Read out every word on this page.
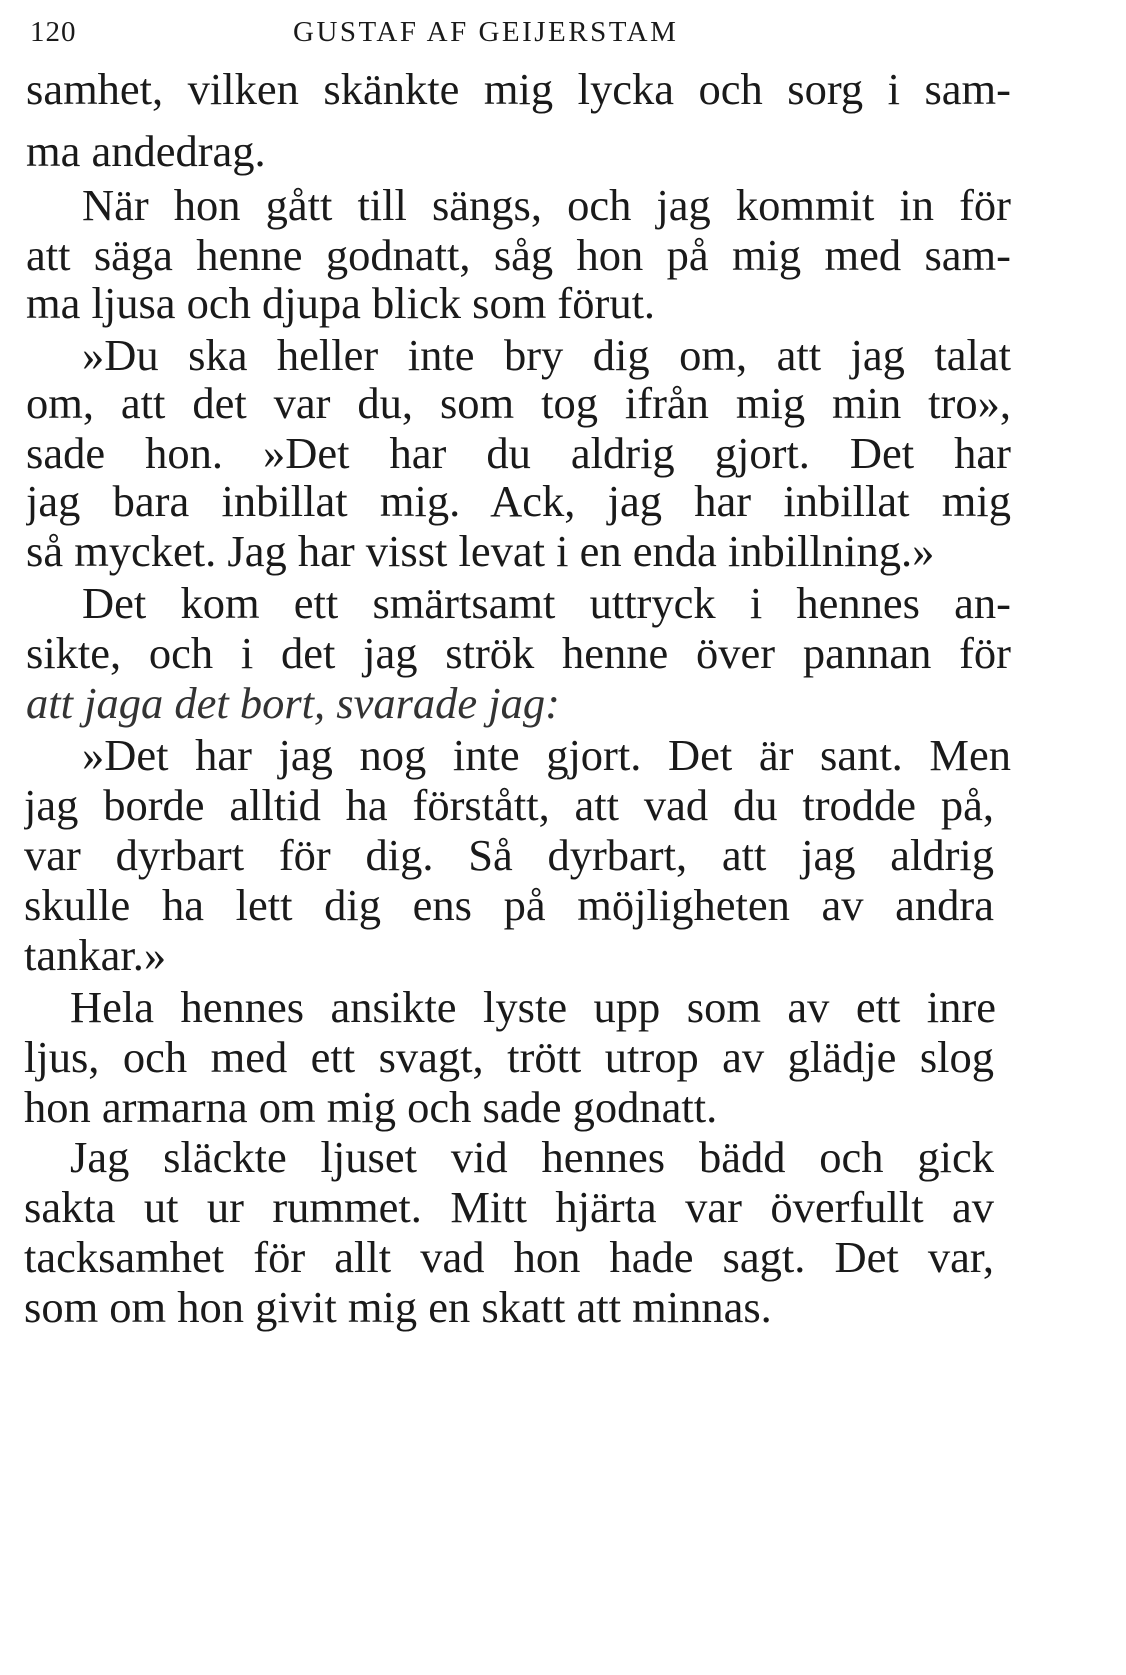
120	GUSTAF AF GEIJERSTAM
samhet, vilken skänkte mig lycka och sorg i sam-
ma andedrag.
När hon gått till sängs, och jag kommit in för
att säga henne godnatt, såg hon på mig med sam-
ma ljusa och djupa blick som förut.
»Du ska heller inte bry dig om, att jag talat
om, att det var du, som tog ifrån mig min tro»,
sade hon. »Det har du aldrig gjort. Det har
jag bara inbillat mig. Ack, jag har inbillat mig
så mycket. Jag har visst levat i en enda inbillning.»
Det kom ett smärtsamt uttryck i hennes an-
sikte, och i det jag strök henne över pannan för
att jaga det bort, svarade jag:
»Det har jag nog inte gjort. Det är sant. Men
jag borde alltid ha förstått, att vad du trodde på,
var dyrbart för dig. Så dyrbart, att jag aldrig
skulle ha lett dig ens på möjligheten av andra
tankar.»
Hela hennes ansikte lyste upp som av ett inre
ljus, och med ett svagt, trött utrop av glädje slog
hon armarna om mig och sade godnatt.
Jag släckte ljuset vid hennes bädd och gick
sakta ut ur rummet. Mitt hjärta var överfullt av
tacksamhet för allt vad hon hade sagt. Det var,
som om hon givit mig en skatt att minnas.
